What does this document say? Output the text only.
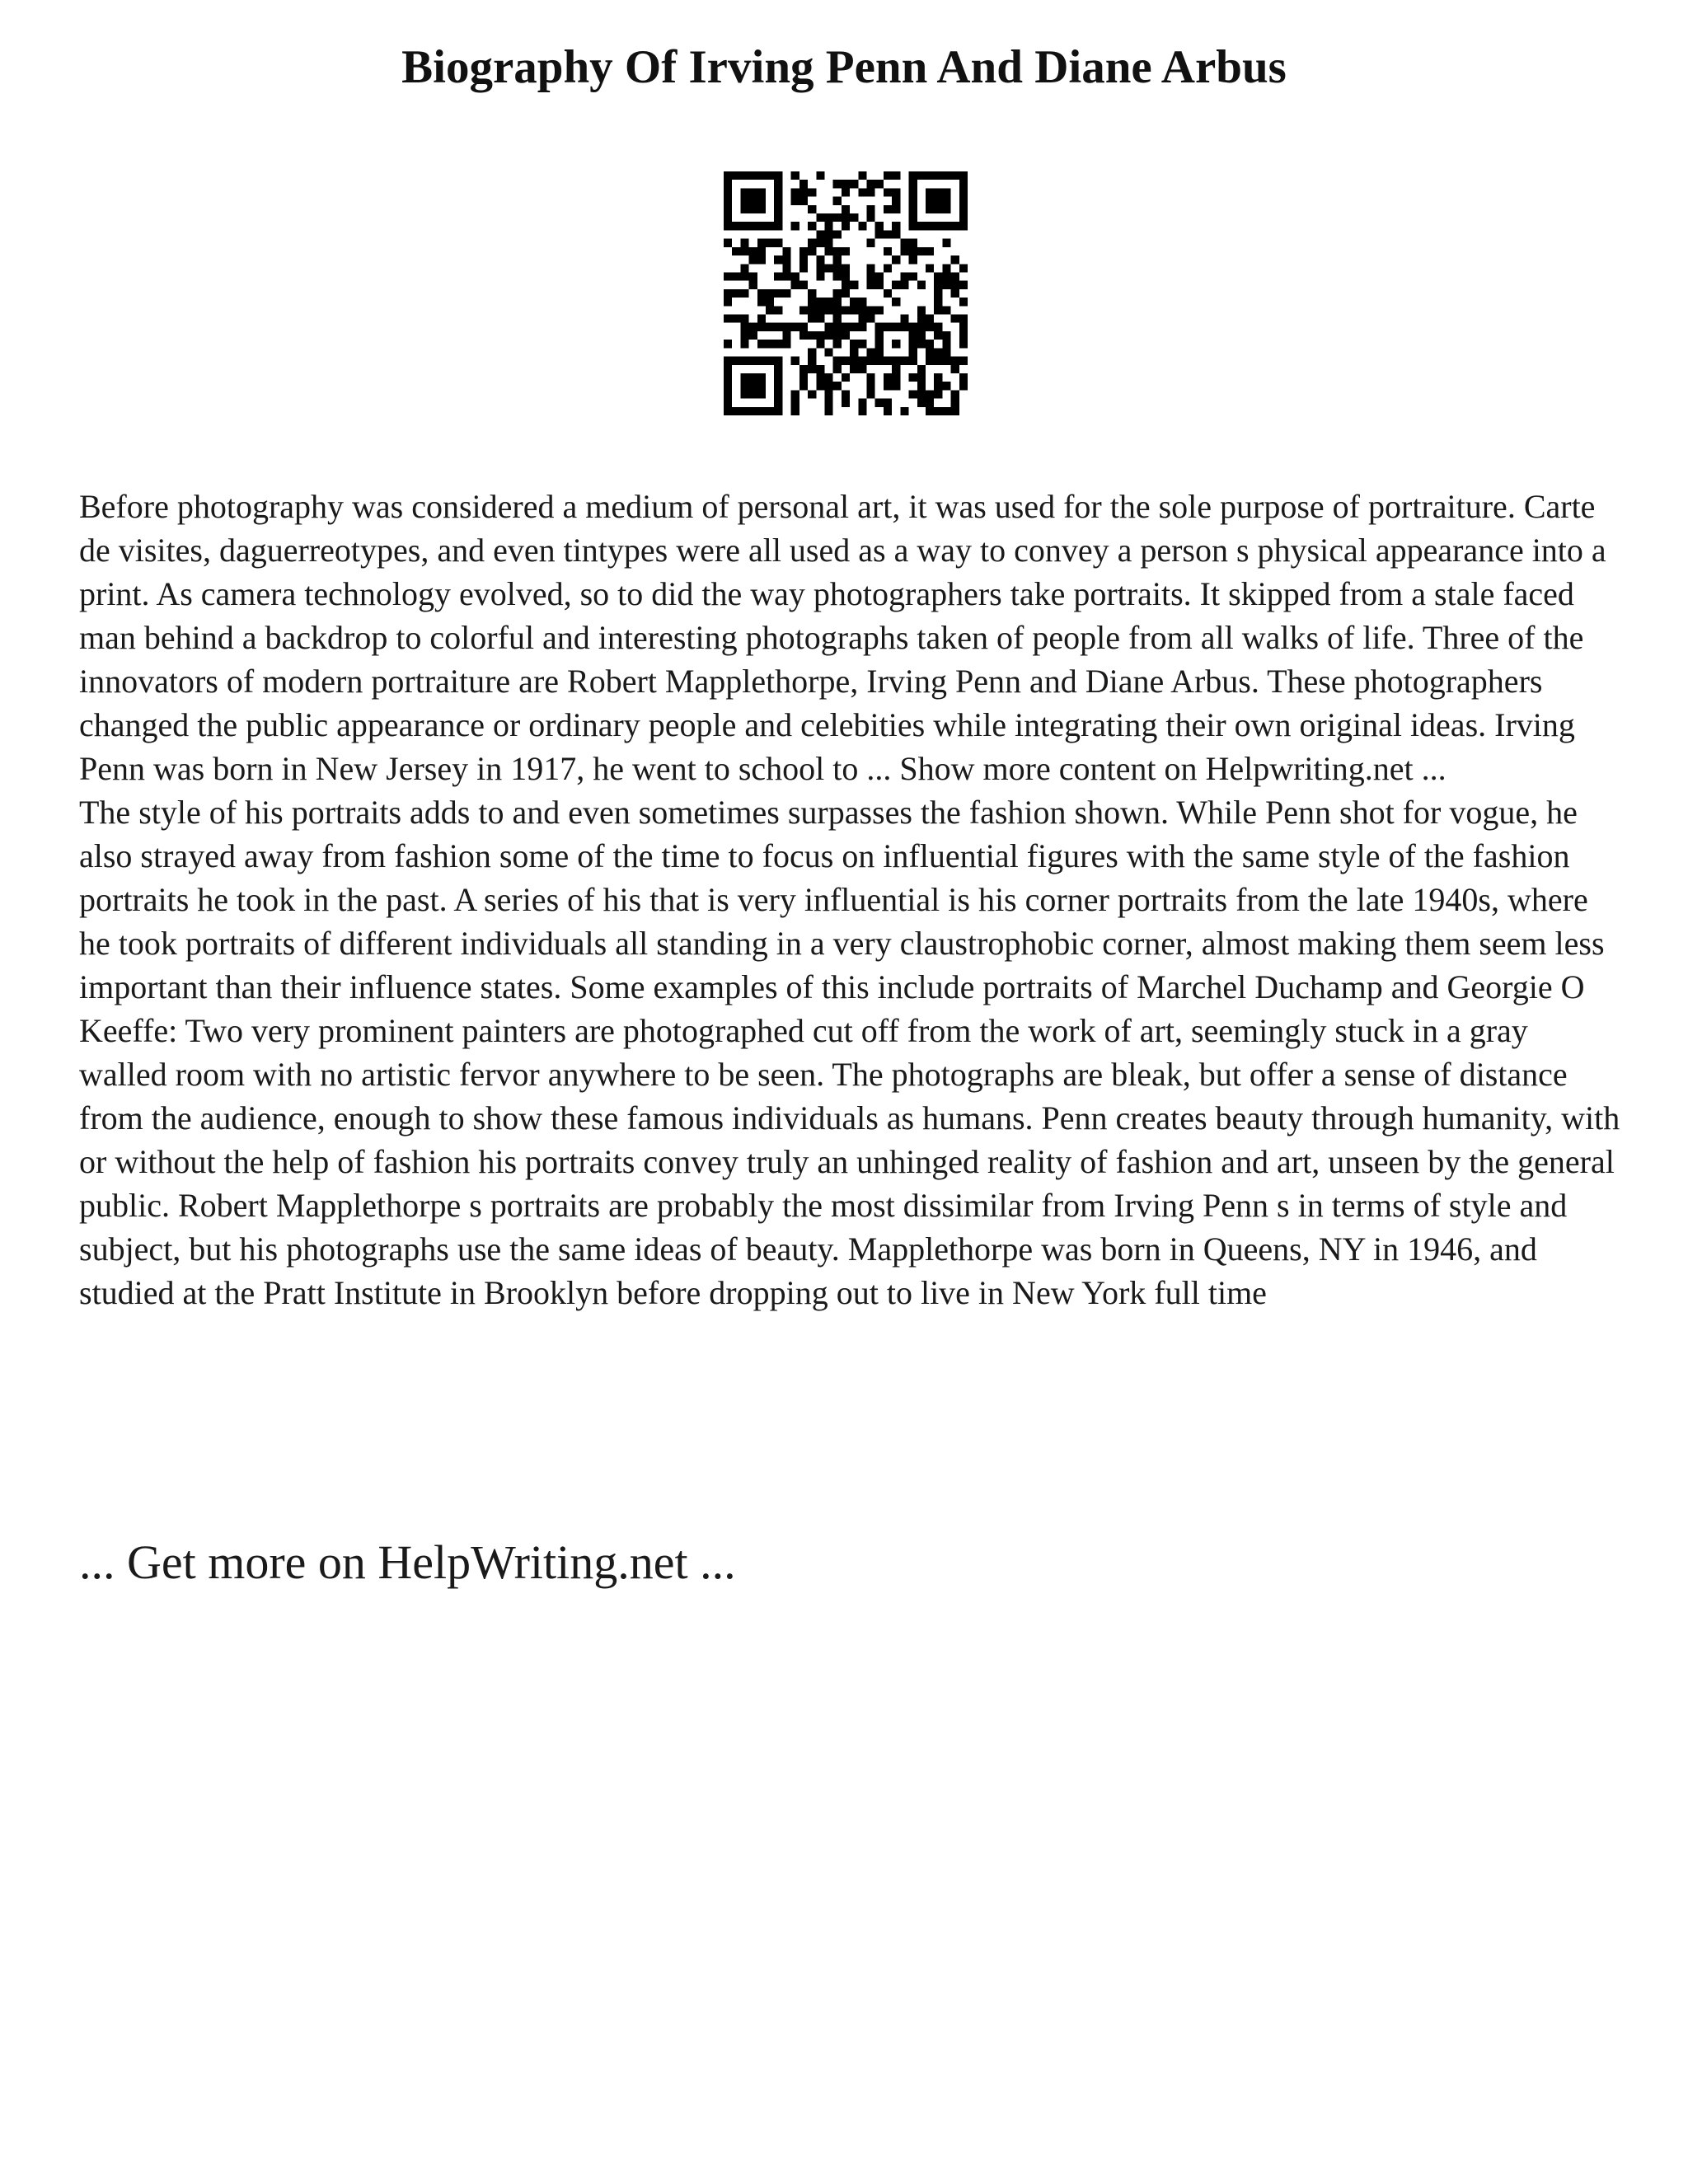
Biography Of Irving Penn And Diane Arbus

Before photography was considered a medium of personal art, it was used for the sole purpose of portraiture. Carte de visites, daguerreotypes, and even tintypes were all used as a way to convey a person s physical appearance into a print. As camera technology evolved, so to did the way photographers take portraits. It skipped from a stale faced man behind a backdrop to colorful and interesting photographs taken of people from all walks of life. Three of the innovators of modern portraiture are Robert Mapplethorpe, Irving Penn and Diane Arbus. These photographers changed the public appearance or ordinary people and celebities while integrating their own original ideas. Irving Penn was born in New Jersey in 1917, he went to school to ... Show more content on Helpwriting.net ...

The style of his portraits adds to and even sometimes surpasses the fashion shown. While Penn shot for vogue, he also strayed away from fashion some of the time to focus on influential figures with the same style of the fashion portraits he took in the past. A series of his that is very influential is his corner portraits from the late 1940s, where he took portraits of different individuals all standing in a very claustrophobic corner, almost making them seem less important than their influence states. Some examples of this include portraits of Marchel Duchamp and Georgie O Keeffe: Two very prominent painters are photographed cut off from the work of art, seemingly stuck in a gray walled room with no artistic fervor anywhere to be seen. The photographs are bleak, but offer a sense of distance from the audience, enough to show these famous individuals as humans. Penn creates beauty through humanity, with or without the help of fashion his portraits convey truly an unhinged reality of fashion and art, unseen by the general public. Robert Mapplethorpe s portraits are probably the most dissimilar from Irving Penn s in terms of style and subject, but his photographs use the same ideas of beauty. Mapplethorpe was born in Queens, NY in 1946, and studied at the Pratt Institute in Brooklyn before dropping out to live in New York full time

... Get more on HelpWriting.net ...
